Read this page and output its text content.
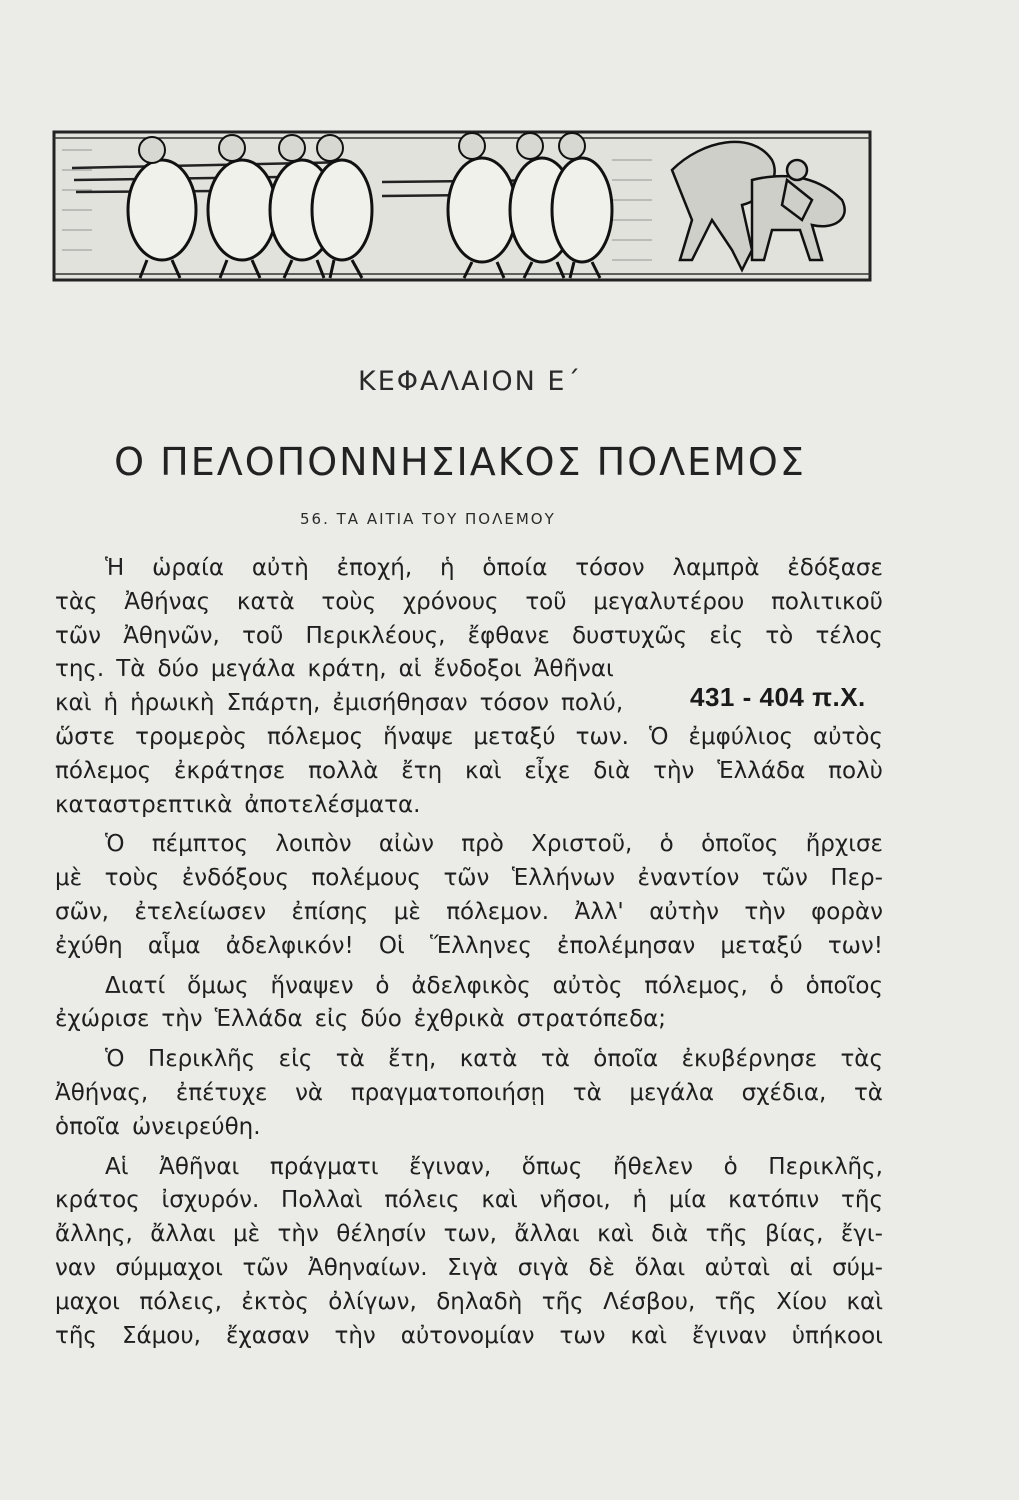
ΚΕΦΑΛΑΙΟΝ Ε΄
Ο ΠΕΛΟΠΟΝΝΗΣΙΑΚΟΣ ΠΟΛΕΜΟΣ
56. ΤΑ ΑΙΤΙΑ ΤΟΥ ΠΟΛΕΜΟΥ
431 - 404 π.Χ.
Ἡ ὡραία αὐτὴ ἐποχή, ἡ ὁποία τόσον λαμπρὰ ἐδόξασε
τὰς Ἀθήνας κατὰ τοὺς χρόνους τοῦ μεγαλυτέρου πολιτικοῦ
τῶν Ἀθηνῶν, τοῦ Περικλέους, ἔφθανε δυστυχῶς εἰς τὸ τέλος
της. Τὰ δύο μεγάλα κράτη, αἱ ἔνδοξοι Ἀθῆναι
καὶ ἡ ἡρωικὴ Σπάρτη, ἐμισήθησαν τόσον πολύ,
ὥστε τρομερὸς πόλεμος ἥναψε μεταξύ των. Ὁ ἐμφύλιος αὐτὸς
πόλεμος ἐκράτησε πολλὰ ἔτη καὶ εἶχε διὰ τὴν Ἑλλάδα πολὺ
καταστρεπτικὰ ἀποτελέσματα.
Ὁ πέμπτος λοιπὸν αἰὼν πρὸ Χριστοῦ, ὁ ὁποῖος ἤρχισε
μὲ τοὺς ἐνδόξους πολέμους τῶν Ἑλλήνων ἐναντίον τῶν Περ-
σῶν, ἐτελείωσεν ἐπίσης μὲ πόλεμον. Ἀλλ' αὐτὴν τὴν φορὰν
ἐχύθη αἷμα ἀδελφικόν! Οἱ Ἕλληνες ἐπολέμησαν μεταξύ των!
Διατί ὅμως ἥναψεν ὁ ἀδελφικὸς αὐτὸς πόλεμος, ὁ ὁποῖος
ἐχώρισε τὴν Ἑλλάδα εἰς δύο ἐχθρικὰ στρατόπεδα;
Ὁ Περικλῆς εἰς τὰ ἔτη, κατὰ τὰ ὁποῖα ἐκυβέρνησε τὰς
Ἀθήνας, ἐπέτυχε νὰ πραγματοποιήσῃ τὰ μεγάλα σχέδια, τὰ
ὁποῖα ὠνειρεύθη.
Αἱ Ἀθῆναι πράγματι ἔγιναν, ὅπως ἤθελεν ὁ Περικλῆς,
κράτος ἰσχυρόν. Πολλαὶ πόλεις καὶ νῆσοι, ἡ μία κατόπιν τῆς
ἄλλης, ἄλλαι μὲ τὴν θέλησίν των, ἄλλαι καὶ διὰ τῆς βίας, ἔγι-
ναν σύμμαχοι τῶν Ἀθηναίων. Σιγὰ σιγὰ δὲ ὅλαι αὐταὶ αἱ σύμ-
μαχοι πόλεις, ἐκτὸς ὀλίγων, δηλαδὴ τῆς Λέσβου, τῆς Χίου καὶ
τῆς Σάμου, ἔχασαν τὴν αὐτονομίαν των καὶ ἔγιναν ὑπήκοοι
